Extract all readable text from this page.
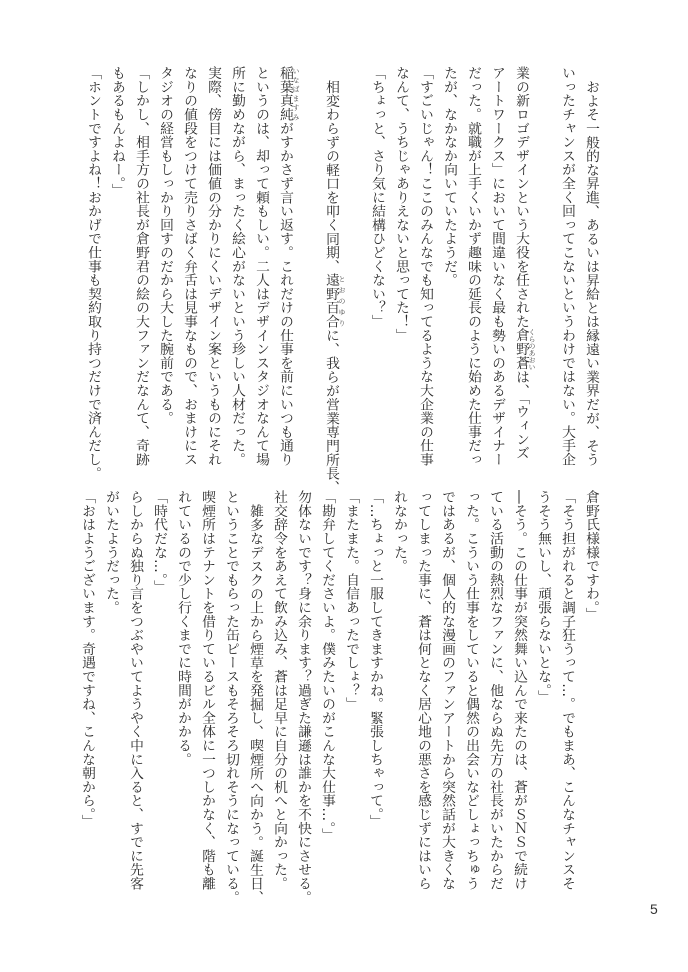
およそ一般的な昇進、あるいは昇給とは縁遠い業界だが、そう
いったチャンスが全く回ってこないというわけではない。大手企
業の新ロゴデザインという大役を任された倉野蒼 くらのあおいは、「ウィンズ
アートワークス」において間違いなく最も勢いのあるデザイナー
だった。就職が上手くいかず趣味の延長のように始めた仕事だっ
たが、なかなか向いていたようだ。
「すごいじゃん！ここのみんなでも知ってるような大企業の仕事
なんて、うちじゃありえないと思ってた！」
「ちょっと、さり気に結構ひどくない？」
相変わらずの軽口を叩く同期、遠野百合 とおのゆりに、我らが営業専門所長、
稲葉真純 いなばますみがすかさず言い返す。これだけの仕事を前にいつも通り
というのは、却って頼もしい。二人はデザインスタジオなんて場
所に勤めながら、まったく絵心がないという珍しい人材だった。
実際、傍目には価値の分かりにくいデザイン案というものにそれ
なりの値段をつけて売りさばく弁舌は見事なもので、おまけにス
タジオの経営もしっかり回すのだから大した腕前である。
「しかし、相手方の社長が倉野君の絵の大ファンだなんて、奇跡
もあるもんよねー。」
「ホントですよね！おかげで仕事も契約取り持つだけで済んだし。
倉野氏様様ですわ。」
「そう担がれると調子狂うって…。でもまあ、こんなチャンスそ
うそう無いし、頑張らないとな。」
―そう。この仕事が突然舞い込んで来たのは、蒼がＳＮＳで続け
ている活動の熱烈なファンに、他ならぬ先方の社長がいたからだ
った。こういう仕事をしていると偶然の出会いなどしょっちゅう
ではあるが、個人的な漫画のファンアートから突然話が大きくな
ってしまった事に、蒼は何となく居心地の悪さを感じずにはいら
れなかった。
「…ちょっと一服してきますかね。緊張しちゃって。」
「またまた。自信あったでしょ？」
「勘弁してくださいよ。僕みたいのがこんな大仕事…。」
勿体ないです？身に余ります？過ぎた謙遜は誰かを不快にさせる。
社交辞令をあえて飲み込み、蒼は足早に自分の机へと向かった。
雑多なデスクの上から煙草を発掘し、喫煙所へ向かう。誕生日、
ということでもらった缶ピースもそろそろ切れそうになっている。
喫煙所はテナントを借りているビル全体に一つしかなく、階も離
れているので少し行くまでに時間がかかる。
「時代だな…。」
らしからぬ独り言をつぶやいてようやく中に入ると、すでに先客
がいたようだった。
「おはようございます。奇遇ですね、こんな朝から。」
5
